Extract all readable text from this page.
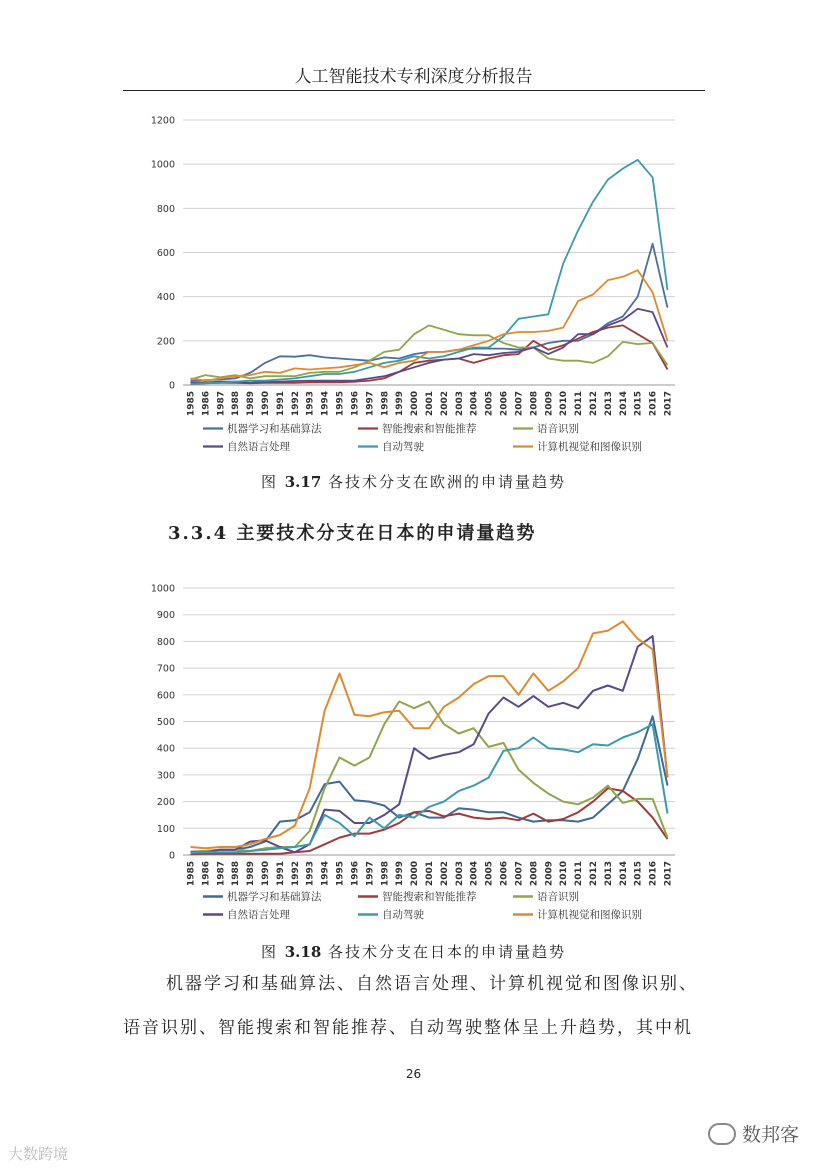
人工智能技术专利深度分析报告
0
200
400
600
800
1000
1200
1985 1986 1987 1988 1989 1990 1991 1992 1993 1994 1995 1996 1997 1998 1999 2000 2001 2002 2003 2004 2005 2006 2007 2008 2009 2010 2011 2012 2013 2014 2015 2016 2017
机器学习和基础算法	智能搜索和智能推荐	语音识别
自然语言处理	自动驾驶	计算机视觉和图像识别
图 3.17 各技术分支在欧洲的申请量趋势
3.3.4 主要技术分支在日本的申请量趋势
0
100
200
300
400
500
600
700
800
900
1000
1985 1986 1987 1988 1989 1990 1991 1992 1993 1994 1995 1996 1997 1998 1999 2000 2001 2002 2003 2004 2005 2006 2007 2008 2009 2010 2011 2012 2013 2014 2015 2016 2017
机器学习和基础算法	智能搜索和智能推荐	语音识别
自然语言处理	自动驾驶	计算机视觉和图像识别
图 3.18 各技术分支在日本的申请量趋势
机器学习和基础算法、自然语言处理、计算机视觉和图像识别、
语音识别、智能搜索和智能推荐、自动驾驶整体呈上升趋势，其中机
26
大数跨境
数邦客
